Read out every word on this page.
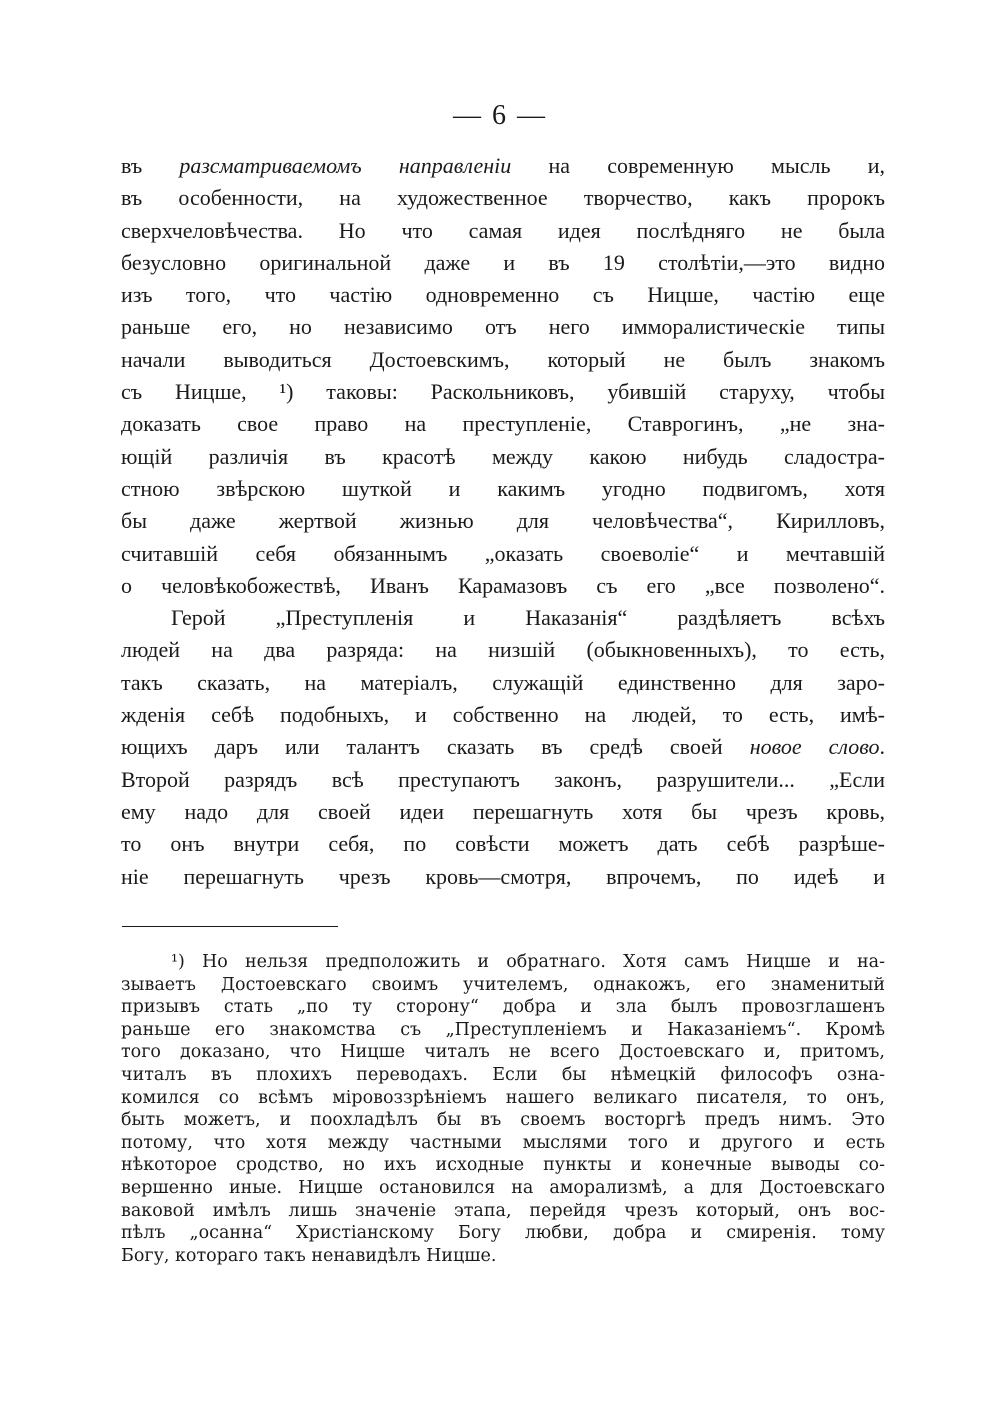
— 6 —
въ разсматриваемомъ направленіи на современную мысль и,
въ особенности, на художественное творчество, какъ пророкъ
сверхчеловѣчества. Но что самая идея послѣдняго не была
безусловно оригинальной даже и въ 19 столѣтіи,—это видно
изъ того, что частію одновременно съ Ницше, частію еще
раньше его, но независимо отъ него имморалистическіе типы
начали выводиться Достоевскимъ, который не былъ знакомъ
съ Ницше, ¹) таковы: Раскольниковъ, убившій старуху, чтобы
доказать свое право на преступленіе, Ставрогинъ, „не зна-
ющій различія въ красотѣ между какою нибудь сладостра-
стною звѣрскою шуткой и какимъ угодно подвигомъ, хотя
бы даже жертвой жизнью для человѣчества“, Кирилловъ,
считавшій себя обязаннымъ „оказать своеволіе“ и мечтавшій
о человѣкобожествѣ, Иванъ Карамазовъ съ его „все позволено“.
Герой „Преступленія и Наказанія“ раздѣляетъ всѣхъ
людей на два разряда: на низшій (обыкновенныхъ), то есть,
такъ сказать, на матеріалъ, служащій единственно для заро-
жденія себѣ подобныхъ, и собственно на людей, то есть, имѣ-
ющихъ даръ или талантъ сказать въ средѣ своей новое слово.
Второй разрядъ всѣ преступаютъ законъ, разрушители... „Если
ему надо для своей идеи перешагнуть хотя бы чрезъ кровь,
то онъ внутри себя, по совѣсти можетъ дать себѣ разрѣше-
ніе перешагнуть чрезъ кровь—смотря, впрочемъ, по идеѣ и
¹) Но нельзя предположить и обратнаго. Хотя самъ Ницше и на-
зываетъ Достоевскаго своимъ учителемъ, однакожъ, его знаменитый
призывъ стать „по ту сторону“ добра и зла былъ провозглашенъ
раньше его знакомства съ „Преступленіемъ и Наказаніемъ“. Кромѣ
того доказано, что Ницше читалъ не всего Достоевскаго и, притомъ,
читалъ въ плохихъ переводахъ. Если бы нѣмецкій философъ озна-
комился со всѣмъ міровоззрѣніемъ нашего великаго писателя, то онъ,
быть можетъ, и поохладѣлъ бы въ своемъ восторгѣ предъ нимъ. Это
потому, что хотя между частными мыслями того и другого и есть
нѣкоторое сродство, но ихъ исходные пункты и конечные выводы со-
вершенно иные. Ницше остановился на аморализмѣ, а для Достоевскаго
ваковой имѣлъ лишь значеніе этапа, перейдя чрезъ который, онъ вос-
пѣлъ „осанна“ Христіанскому Богу любви, добра и смиренія. тому
Богу, котораго такъ ненавидѣлъ Ницше.
